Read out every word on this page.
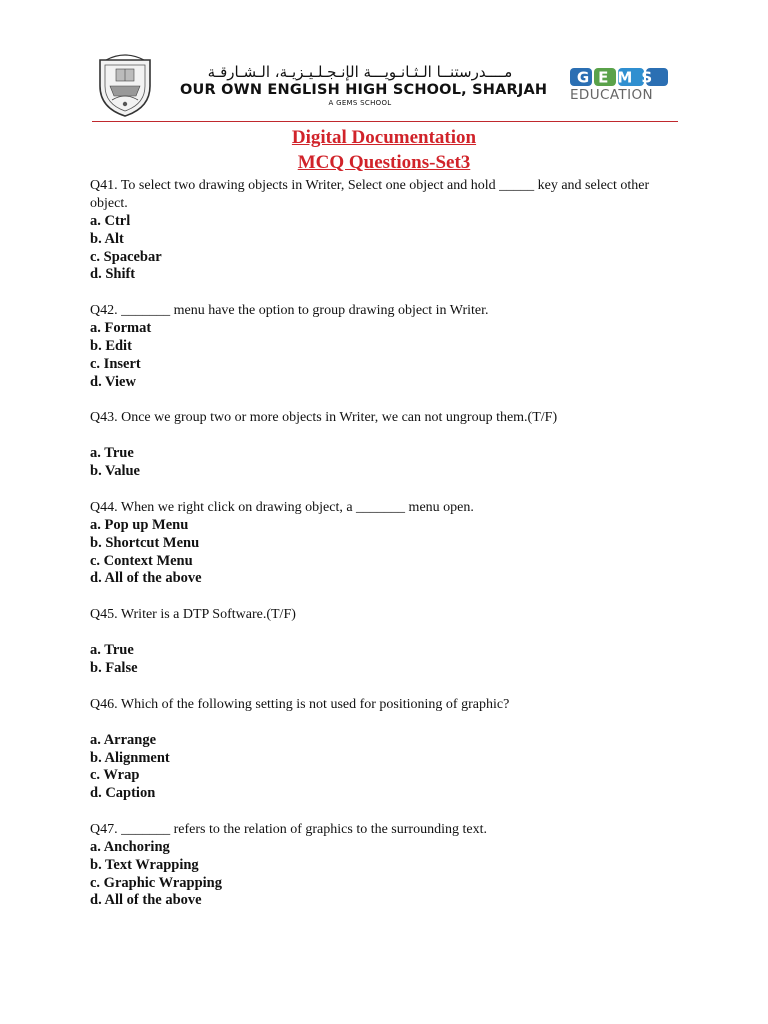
مــــدرستنــا الـثـانـويـــة الإنـجـلـيـزيـة، الـشـارقـة
OUR OWN ENGLISH HIGH SCHOOL, SHARJAH
A GEMS SCHOOL
GEMS
EDUCATION
Digital Documentation
MCQ Questions-Set3
Q41. To select two drawing objects in Writer, Select one object and hold _____ key and select other object.
a. Ctrl
b. Alt
c. Spacebar
d. Shift
Q42. _______ menu have the option to group drawing object in Writer.
a. Format
b. Edit
c. Insert
d. View
Q43. Once we group two or more objects in Writer, we can not ungroup them.(T/F)
a. True
b. Value
Q44. When we right click on drawing object, a _______ menu open.
a. Pop up Menu
b. Shortcut Menu
c. Context Menu
d. All of the above
Q45. Writer is a DTP Software.(T/F)
a. True
b. False
Q46. Which of the following setting is not used for positioning of graphic?
a. Arrange
b. Alignment
c. Wrap
d. Caption
Q47. _______ refers to the relation of graphics to the surrounding text.
a. Anchoring
b. Text Wrapping
c. Graphic Wrapping
d. All of the above
